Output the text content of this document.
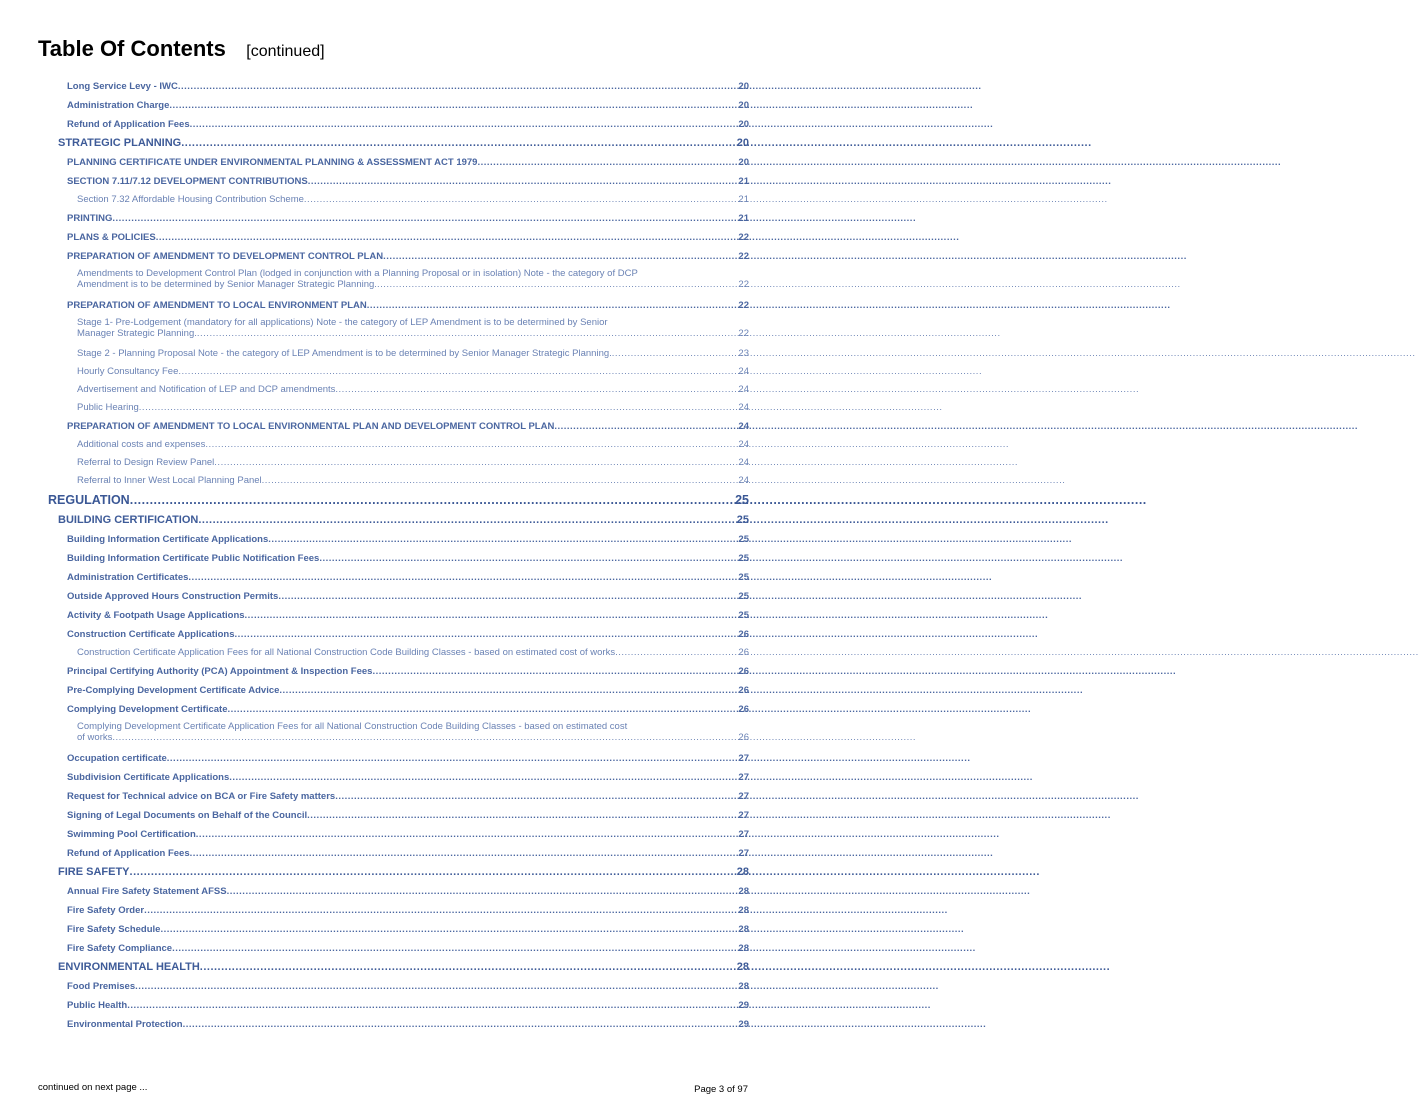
Table Of Contents [continued]
Long Service Levy - IWC .....	20
Administration Charge .....	20
Refund of Application Fees .....	20
STRATEGIC PLANNING .....	20
PLANNING CERTIFICATE UNDER ENVIRONMENTAL PLANNING & ASSESSMENT ACT 1979 .....	20
SECTION 7.11/7.12 DEVELOPMENT CONTRIBUTIONS .....	21
Section 7.32 Affordable Housing Contribution Scheme .....	21
PRINTING .....	21
PLANS & POLICIES .....	22
PREPARATION OF AMENDMENT TO DEVELOPMENT CONTROL PLAN .....	22
Amendments to Development Control Plan (lodged in conjunction with a Planning Proposal or in isolation) Note - the category of DCP
Amendment is to be determined by Senior Manager Strategic Planning. .....	22
PREPARATION OF AMENDMENT TO LOCAL ENVIRONMENT PLAN .....	22
Stage 1- Pre-Lodgement (mandatory for all applications) Note - the category of LEP Amendment is to be determined by Senior
Manager Strategic Planning. .....	22
Stage 2 - Planning Proposal Note - the category of LEP Amendment is to be determined by Senior Manager Strategic Planning. .....	23
Hourly Consultancy Fee .....	24
Advertisement and Notification of LEP and DCP amendments .....	24
Public Hearing .....	24
PREPARATION OF AMENDMENT TO LOCAL ENVIRONMENTAL PLAN AND DEVELOPMENT CONTROL PLAN .....	24
Additional costs and expenses .....	24
Referral to Design Review Panel .....	24
Referral to Inner West Local Planning Panel .....	24
REGULATION .....	25
BUILDING CERTIFICATION .....	25
Building Information Certificate Applications .....	25
Building Information Certificate Public Notification Fees .....	25
Administration Certificates .....	25
Outside Approved Hours Construction Permits .....	25
Activity & Footpath Usage Applications .....	25
Construction Certificate Applications .....	26
Construction Certificate Application Fees for all National Construction Code Building Classes - based on estimated cost of works .....	26
Principal Certifying Authority (PCA) Appointment & Inspection Fees .....	26
Pre-Complying Development Certificate Advice .....	26
Complying Development Certificate .....	26
Complying Development Certificate Application Fees for all National Construction Code Building Classes - based on estimated cost
of works .....	26
Occupation certificate .....	27
Subdivision Certificate Applications .....	27
Request for Technical advice on BCA or Fire Safety matters .....	27
Signing of Legal Documents on Behalf of the Council .....	27
Swimming Pool Certification .....	27
Refund of Application Fees .....	27
FIRE SAFETY .....	28
Annual Fire Safety Statement AFSS .....	28
Fire Safety Order .....	28
Fire Safety Schedule .....	28
Fire Safety Compliance .....	28
ENVIRONMENTAL HEALTH .....	28
Food Premises .....	28
Public Health .....	29
Environmental Protection .....	29
continued on next page ...	Page 3 of 97
